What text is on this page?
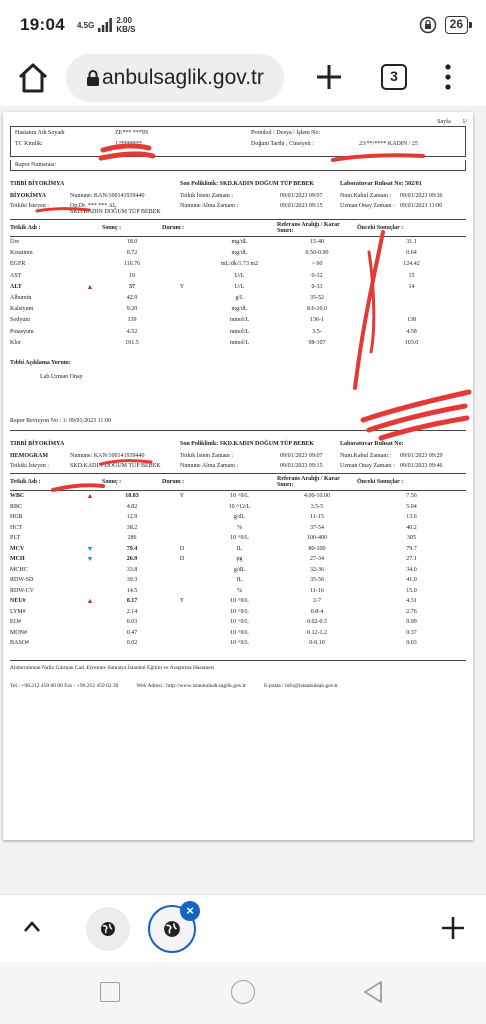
19:04 4.5G	2.00
KB/S	26
anbulsaglik.gov.tr	3
Sayfa 1/
Hastanın Adı Soyadı	ZE*** ***İN
TC Kimlik:	12*******
Protokol / Dosya / İşlem No:
Doğum Tarihi , Cinsiyeti :	23/**/**** KADIN / 25
Rapor Numarası:
TIBBİ BİYOKİMYA	Son Poliklinik: SKD.KADIN DOĞUM TÜP BEBEK	Laboratuvar Ruhsat No: 502/01
BİYOKİMYA	Numune: KAN/100141939440	Tetkik İstem Zamanı :	09/01/2023 09:07	Num.Kabul Zamanı :	09/01/2023 09:36
Tetkiki İsteyen :	Op.Dr. *** *** AL
SKD.KADIN DOĞUM TÜP BEBEK
Numune Alma Zamanı :	09/01/2023 09:15	Uzman Onay Zamanı : 09/01/2023 11:00
Tetkik Adı :		Sonuç :	Durum :		Referans Aralığı / Karar Sınırı:	Önceki Sonuçlar :
Üre		18.0		mg/dL	15-40	31.1
Kreatinin		0.72		mg/dL	0.50-0.90	0.64
EGFR		116.76		mL/dk/1.73 m2	> 60	124.42
AST		19		U/L	0-32	15
ALT	▲	37	Y	U/L	0-33	14
Albumin		42.9		g/L	35-52	
Kalsiyum		9.20		mg/dL	8.6-10.0	
Sodyum		139		mmol/L	136-1	138
Potasyum		4.52		mmol/L	3.5-	4.58
Klor		101.5		mmol/L	98-107	103.0
Tıbbi Açıklama Yorum:
Lab.Uzman Onay
Rapor Revizyon No : 1: 09/01/2023 11:00
TIBBİ BİYOKİMYA	Son Poliklinik: SKD.KADIN DOĞUM TÜP BEBEK	Laboratuvar Ruhsat No:
HEMOGRAM	Numune: KAN/100141939440	Tetkik İstem Zamanı :	09/01/2023 09:07	Num.Kabul Zamanı :	09/01/2023 09:29
Tetkiki İsteyen :	SKD.KADIN DOĞUM TÜP BEBEK	Numune Alma Zamanı :	09/01/2023 09:15	Uzman Onay Zamanı : 09/01/2023 09:46
Tetkik Adı :		Sonuç :	Durum :		Referans Aralığı / Karar Sınırı:	Önceki Sonuçlar :
WBC	▲	10.83	Y	10 ^9/L	4.00-10.00	7.56
RBC		4.82		10 ^12/L	3.5-5	5.04
HGB		12.9		g/dL	11-15	13.6
HCT		38.2		%	37-54	40.2
PLT		286		10 ^9/L	100-400	305
MCV	▼	79.4	D	fL	80-100	79.7
MCH	▼	26.9	D	pg	27-34	27.1
MCHC		33.8		g/dL	32-36	34.0
RDW-SD		39.3		fL	35-56	41.0
RDW-CV		14.5		%	11-16	15.0
NEU#	▲	8.17	Y	10 ^9/L	2-7	4.31
LYM#		2.14		10 ^9/L	0.8-4	2.76
EO#		0.03		10 ^9/L	0.02-0.5	0.09
MON#		0.47		10 ^9/L	0.12-1.2	0.37
BASO#		0.02		10 ^9/L	0-0.10	0.03
Abdurrahman Nafiz Gürman Cad. Etyemez-Samatya İstanbul Eğitim ve Araştırma Hastanesi
Tel : +90.212 459 60 00 Fax : +90.212 459 62 30	Web Adresi : http://www.istanbuleah.saglik.gov.tr	E-posta : info@istanbuleah.gov.tr
×
